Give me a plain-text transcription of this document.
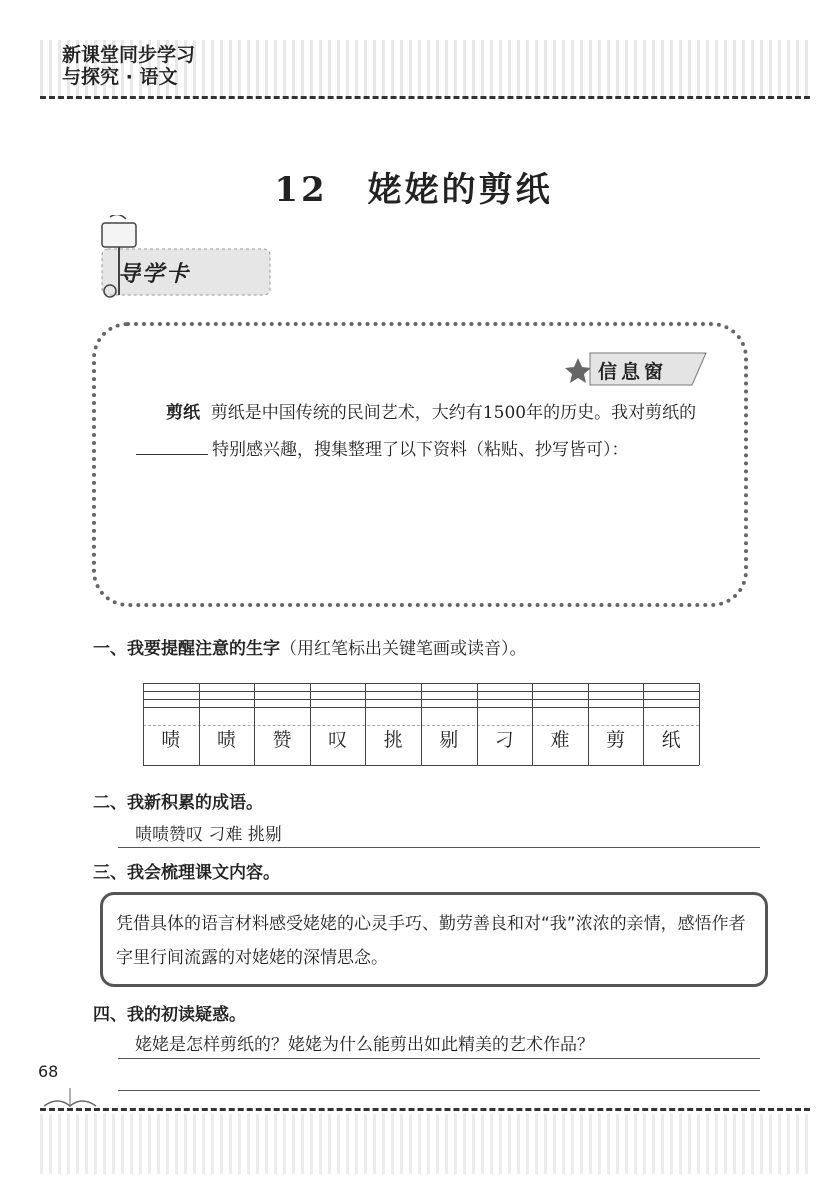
新课堂同步学习
与探究 · 语文
12 姥姥的剪纸
导学卡
信息窗
剪纸 剪纸是中国传统的民间艺术，大约有1500年的历史。我对剪纸的特别感兴趣，搜集整理了以下资料（粘贴、抄写皆可）：
一、我要提醒注意的生字（用红笔标出关键笔画或读音）。
啧	啧	赞	叹	挑	剔	刁	难	剪	纸
二、我新积累的成语。
啧啧赞叹 刁难 挑剔
三、我会梳理课文内容。
凭借具体的语言材料感受姥姥的心灵手巧、勤劳善良和对“我”浓浓的亲情，感悟作者字里行间流露的对姥姥的深情思念。
四、我的初读疑惑。
姥姥是怎样剪纸的？姥姥为什么能剪出如此精美的艺术作品？
68
